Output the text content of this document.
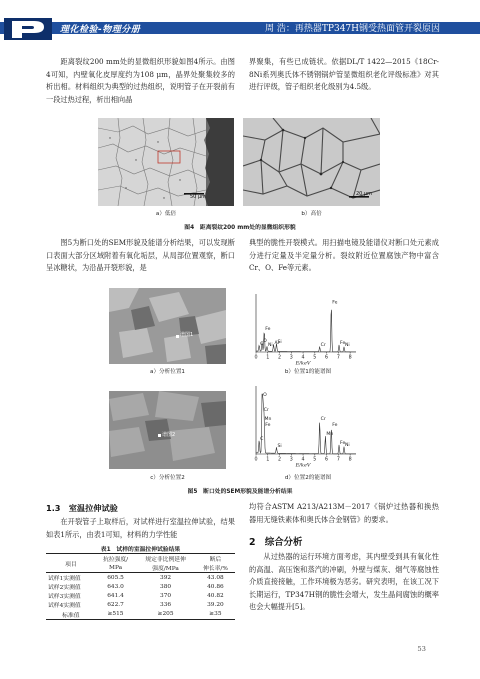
理化检验-物理分册	周 浩：再热器TP347H钢受热面管开裂原因

距离裂纹200 mm处的显微组织形貌如图4所示。由图4可知，内壁氧化皮厚度约为108 μm，晶界处聚集较多的析出相。材料组织为典型的过热组织，说明管子在开裂前有一段过热过程，析出相向晶

界聚集，有些已成链状。依据DL/T 1422—2015《18Cr-8Ni系列奥氏体不锈钢锅炉管显微组织老化评级标准》对其进行评级，管子组织老化级别为4.5级。

50 μm	20 μm
a）低倍	b）高倍
图4　距离裂纹200 mm处的显微组织形貌

图5为断口处的SEM形貌及能谱分析结果，可以发现断口表面大部分区域附着有氧化垢层，从局部位置观察，断口呈冰糖状，为沿晶开裂形貌，是

典型的脆性开裂模式。用扫描电镜及能谱仪对断口处元素成分进行定量及半定量分析。裂纹附近位置腐蚀产物中富含Cr、O、Fe等元素。

谱图1
谱图2
C
O
Fe
Ni Al
Si
Cr
Fe
Fe Ni
0 1 2 3 4 5 6 7 8
E/keV
C
O
Cr
Mn
Fe
Si
Cr
Mn
Fe
Fe Ni
0 1 2 3 4 5 6 7 8
E/keV
a）分析位置1	b）位置1的能谱图
c）分析位置2	d）位置2的能谱图
图5　断口处的SEM形貌及能谱分析结果
1.3　室温拉伸试验

在开裂管子上取样后，对试样进行室温拉伸试验，结果如表1所示，由表1可知，材料的力学性能

表1　试样的室温拉伸试验结果
项目	抗拉强度/	规定非比例延伸	断后
	MPa	强度/MPa	伸长率/%
试样1实测值	605.5	392	43.08
试样2实测值	643.0	380	40.86
试样3实测值	641.4	370	40.82
试样4实测值	622.7	336	39.20
标准值	≥515	≥205	≥35

均符合ASTM A213/A213M－2017《锅炉过热器和换热器用无缝铁素体和奥氏体合金钢管》的要求。

2　综合分析

从过热器的运行环境方面考虑，其内壁受到具有氧化性的高温、高压饱和蒸汽的冲刷，外壁与煤灰、烟气等腐蚀性介质直接接触，工作环境极为恶劣。研究表明，在该工况下长期运行，TP347H钢的脆性会增大，发生晶间腐蚀的概率也会大幅提升[5]。

53
